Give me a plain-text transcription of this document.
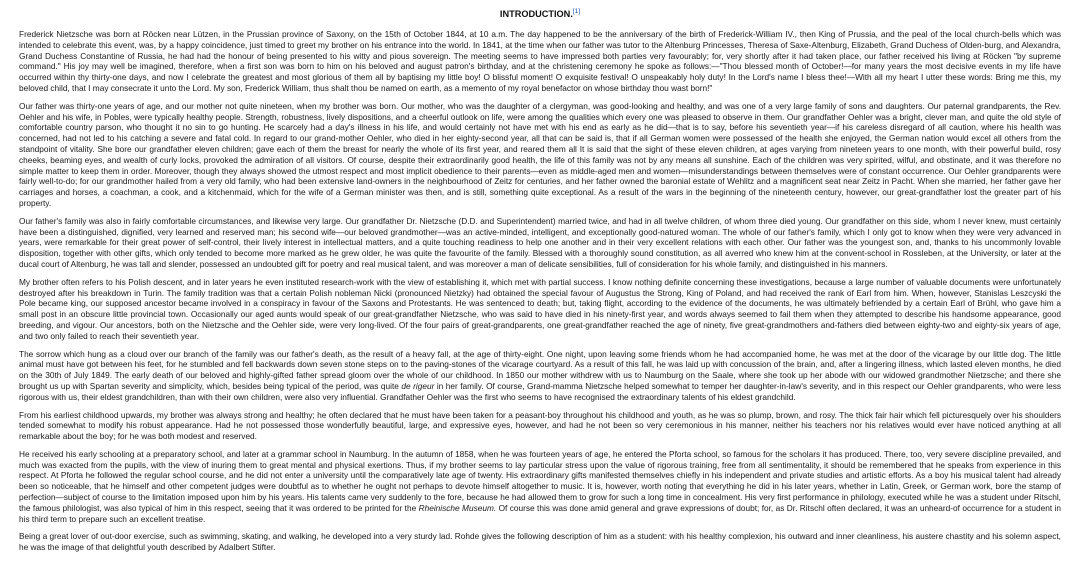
INTRODUCTION.[1]

Frederick Nietzsche was born at Röcken near Lützen, in the Prussian province of Saxony, on the 15th of October 1844, at 10 a.m. The day happened to be the anniversary of the birth of Frederick-William IV., then King of Prussia, and the peal of the local church-bells which was intended to celebrate this event, was, by a happy coincidence, just timed to greet my brother on his entrance into the world. In 1841, at the time when our father was tutor to the Altenburg Princesses, Theresa of Saxe-Altenburg, Elizabeth, Grand Duchess of Olden-burg, and Alexandra, Grand Duchess Constantine of Russia, he had had the honour of being presented to his witty and pious sovereign. The meeting seems to have impressed both parties very favourably; for, very shortly after it had taken place, our father received his living at Röcken "by supreme command." His joy may well be imagined, therefore, when a first son was born to him on his beloved and august patron's birthday, and at the christening ceremony he spoke as follows:—"Thou blessed month of October!—for many years the most decisive events in my life have occurred within thy thirty-one days, and now I celebrate the greatest and most glorious of them all by baptising my little boy! O blissful moment! O exquisite festival! O unspeakably holy duty! In the Lord's name I bless thee!—With all my heart I utter these words: Bring me this, my beloved child, that I may consecrate it unto the Lord. My son, Frederick William, thus shalt thou be named on earth, as a memento of my royal benefactor on whose birthday thou wast born!"

Our father was thirty-one years of age, and our mother not quite nineteen, when my brother was born. Our mother, who was the daughter of a clergyman, was good-looking and healthy, and was one of a very large family of sons and daughters. Our paternal grandparents, the Rev. Oehler and his wife, in Pobles, were typically healthy people. Strength, robustness, lively dispositions, and a cheerful outlook on life, were among the qualities which every one was pleased to observe in them. Our grandfather Oehler was a bright, clever man, and quite the old style of comfortable country parson, who thought it no sin to go hunting. He scarcely had a day's illness in his life, and would certainly not have met with his end as early as he did—that is to say, before his seventieth year—if his careless disregard of all caution, where his health was concerned, had not led to his catching a severe and fatal cold. In regard to our grand-mother Oehler, who died in her eighty-second year, all that can be said is, that if all German women were possessed of the health she enjoyed, the German nation would excel all others from the standpoint of vitality. She bore our grandfather eleven children; gave each of them the breast for nearly the whole of its first year, and reared them all It is said that the sight of these eleven children, at ages varying from nineteen years to one month, with their powerful build, rosy cheeks, beaming eyes, and wealth of curly locks, provoked the admiration of all visitors. Of course, despite their extraordinarily good health, the life of this family was not by any means all sunshine. Each of the children was very spirited, wilful, and obstinate, and it was therefore no simple matter to keep them in order. Moreover, though they always showed the utmost respect and most implicit obedience to their parents—even as middle-aged men and women—misunderstandings between themselves were of constant occurrence. Our Oehler grandparents were fairly well-to-do; for our grandmother hailed from a very old family, who had been extensive land-owners in the neighbourhood of Zeitz for centuries, and her father owned the baronial estate of Wehlitz and a magnificent seat near Zeitz in Pacht. When she married, her father gave her carriages and horses, a coachman, a cook, and a kitchenmaid, which for the wife of a German minister was then, and is still, something quite exceptional. As a result of the wars in the beginning of the nineteenth century, however, our great-grandfather lost the greater part of his property.

Our father's family was also in fairly comfortable circumstances, and likewise very large. Our grandfather Dr. Nietzsche (D.D. and Superintendent) married twice, and had in all twelve children, of whom three died young. Our grandfather on this side, whom I never knew, must certainly have been a distinguished, dignified, very learned and reserved man; his second wife—our beloved grandmother—was an active-minded, intelligent, and exceptionally good-natured woman. The whole of our father's family, which I only got to know when they were very advanced in years, were remarkable for their great power of self-control, their lively interest in intellectual matters, and a quite touching readiness to help one another and in their very excellent relations with each other. Our father was the youngest son, and, thanks to his uncommonly lovable disposition, together with other gifts, which only tended to become more marked as he grew older, he was quite the favourite of the family. Blessed with a thoroughly sound constitution, as all averred who knew him at the convent-school in Rossleben, at the University, or later at the ducal court of Altenburg, he was tall and slender, possessed an undoubted gift for poetry and real musical talent, and was moreover a man of delicate sensibilities, full of consideration for his whole family, and distinguished in his manners.

My brother often refers to his Polish descent, and in later years he even instituted research-work with the view of establishing it, which met with partial success. I know nothing definite concerning these investigations, because a large number of valuable documents were unfortunately destroyed after his breakdown in Turin. The family tradition was that a certain Polish nobleman Nicki (pronounced Nietzky) had obtained the special favour of Augustus the Strong, King of Poland, and had received the rank of Earl from him. When, however, Stanislas Leszcyski the Pole became king, our supposed ancestor became involved in a conspiracy in favour of the Saxons and Protestants. He was sentenced to death; but, taking flight, according to the evidence of the documents, he was ultimately befriended by a certain Earl of Brühl, who gave him a small post in an obscure little provincial town. Occasionally our aged aunts would speak of our great-grandfather Nietzsche, who was said to have died in his ninety-first year, and words always seemed to fail them when they attempted to describe his handsome appearance, good breeding, and vigour. Our ancestors, both on the Nietzsche and the Oehler side, were very long-lived. Of the four pairs of great-grandparents, one great-grandfather reached the age of ninety, five great-grandmothers and-fathers died between eighty-two and eighty-six years of age, and two only failed to reach their seventieth year.

The sorrow which hung as a cloud over our branch of the family was our father's death, as the result of a heavy fall, at the age of thirty-eight. One night, upon leaving some friends whom he had accompanied home, he was met at the door of the vicarage by our little dog. The little animal must have got between his feet, for he stumbled and fell backwards down seven stone steps on to the paving-stones of the vicarage courtyard. As a result of this fall, he was laid up with concussion of the brain, and, after a lingering illness, which lasted eleven months, he died on the 30th of July 1849. The early death of our beloved and highly-gifted father spread gloom over the whole of our childhood. In 1850 our mother withdrew with us to Naumburg on the Saale, where she took up her abode with our widowed grandmother Nietzsche; and there she brought us up with Spartan severity and simplicity, which, besides being typical of the period, was quite de rigeur in her family. Of course, Grand-mamma Nietzsche helped somewhat to temper her daughter-in-law's severity, and in this respect our Oehler grandparents, who were less rigorous with us, their eldest grandchildren, than with their own children, were also very influential. Grandfather Oehler was the first who seems to have recognised the extraordinary talents of his eldest grandchild.

From his earliest childhood upwards, my brother was always strong and healthy; he often declared that he must have been taken for a peasant-boy throughout his childhood and youth, as he was so plump, brown, and rosy. The thick fair hair which fell picturesquely over his shoulders tended somewhat to modify his robust appearance. Had he not possessed those wonderfully beautiful, large, and expressive eyes, however, and had he not been so very ceremonious in his manner, neither his teachers nor his relatives would ever have noticed anything at all remarkable about the boy; for he was both modest and reserved.

He received his early schooling at a preparatory school, and later at a grammar school in Naumburg. In the autumn of 1858, when he was fourteen years of age, he entered the Pforta school, so famous for the scholars it has produced. There, too, very severe discipline prevailed, and much was exacted from the pupils, with the view of inuring them to great mental and physical exertions. Thus, if my brother seems to lay particular stress upon the value of rigorous training, free from all sentimentality, it should be remembered that he speaks from experience in this respect. At Pforta he followed the regular school course, and he did not enter a university until the comparatively late age of twenty. His extraordinary gifts manifested themselves chiefly in his independent and private studies and artistic efforts. As a boy his musical talent had already been so noticeable, that he himself and other competent judges were doubtful as to whether he ought not perhaps to devote himself altogether to music. It is, however, worth noting that everything he did in his later years, whether in Latin, Greek, or German work, bore the stamp of perfection—subject of course to the limitation imposed upon him by his years. His talents came very suddenly to the fore, because he had allowed them to grow for such a long time in concealment. His very first performance in philology, executed while he was a student under Ritschl, the famous philologist, was also typical of him in this respect, seeing that it was ordered to be printed for the Rheinische Museum. Of course this was done amid general and grave expressions of doubt; for, as Dr. Ritschl often declared, it was an unheard-of occurrence for a student in his third term to prepare such an excellent treatise.

Being a great lover of out-door exercise, such as swimming, skating, and walking, he developed into a very sturdy lad. Rohde gives the following description of him as a student: with his healthy complexion, his outward and inner cleanliness, his austere chastity and his solemn aspect, he was the image of that delightful youth described by Adalbert Stifter.
